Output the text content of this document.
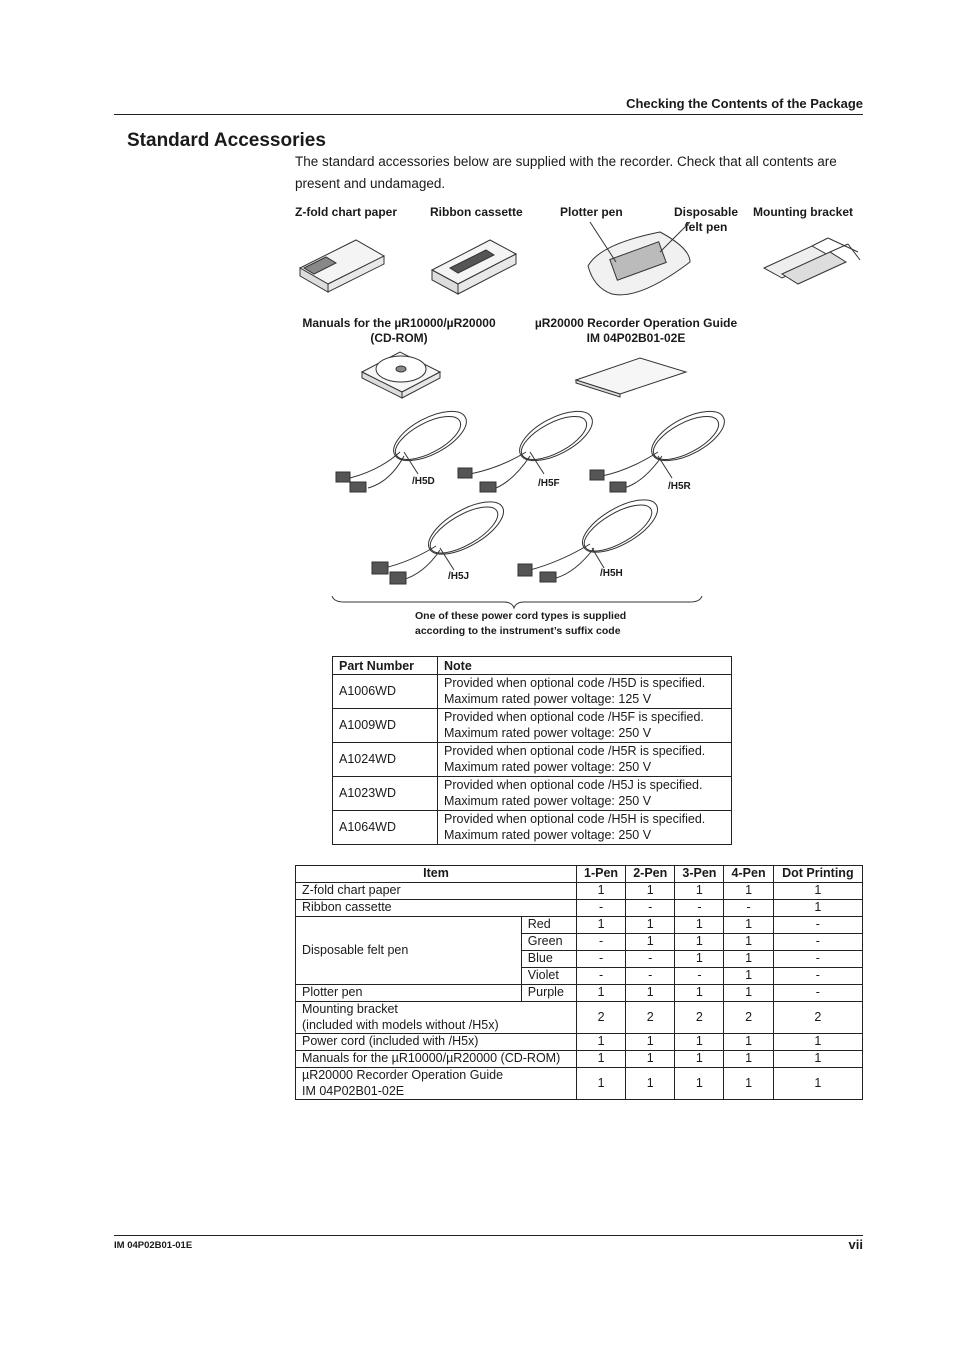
Checking the Contents of the Package
Standard Accessories
The standard accessories below are supplied with the recorder. Check that all contents are present and undamaged.
Z-fold chart paper	Ribbon cassette	Plotter pen	Disposable
felt pen
Mounting bracket
Manuals for the µR10000/µR20000
(CD-ROM)
µR20000 Recorder Operation Guide
IM 04P02B01-02E
/H5D	/H5F	/H5R
/H5J	/H5H
One of these power cord types is supplied
according to the instrument’s suffix code
Part Number	Note
A1006WD	Provided when optional code /H5D is specified.
Maximum rated power voltage: 125 V

A1009WD	Provided when optional code /H5F is specified.
Maximum rated power voltage: 250 V

A1024WD	Provided when optional code /H5R is specified.
Maximum rated power voltage: 250 V

A1023WD	Provided when optional code /H5J is specified.
Maximum rated power voltage: 250 V

A1064WD	Provided when optional code /H5H is specified.
Maximum rated power voltage: 250 V
Item		1-Pen	2-Pen	3-Pen	4-Pen	Dot Printing
Z-fold chart paper		1	1	1	1	1
Ribbon cassette		-	-	-	-	1
Disposable felt pen	Red	1	1	1	1	-
	Green	-	1	1	1	-
	Blue	-	-	1	1	-
	Violet	-	-	-	1	-
Plotter pen	Purple	1	1	1	1	-

Mounting bracket
(included with models without /H5x)		2	2	2	2	2
Power cord (included with /H5x)		1	1	1	1	1
Manuals for the µR10000/µR20000 (CD-ROM)		1	1	1	1	1

µR20000 Recorder Operation Guide
IM 04P02B01-02E		1	1	1	1	1
IM 04P02B01-01E	vii
